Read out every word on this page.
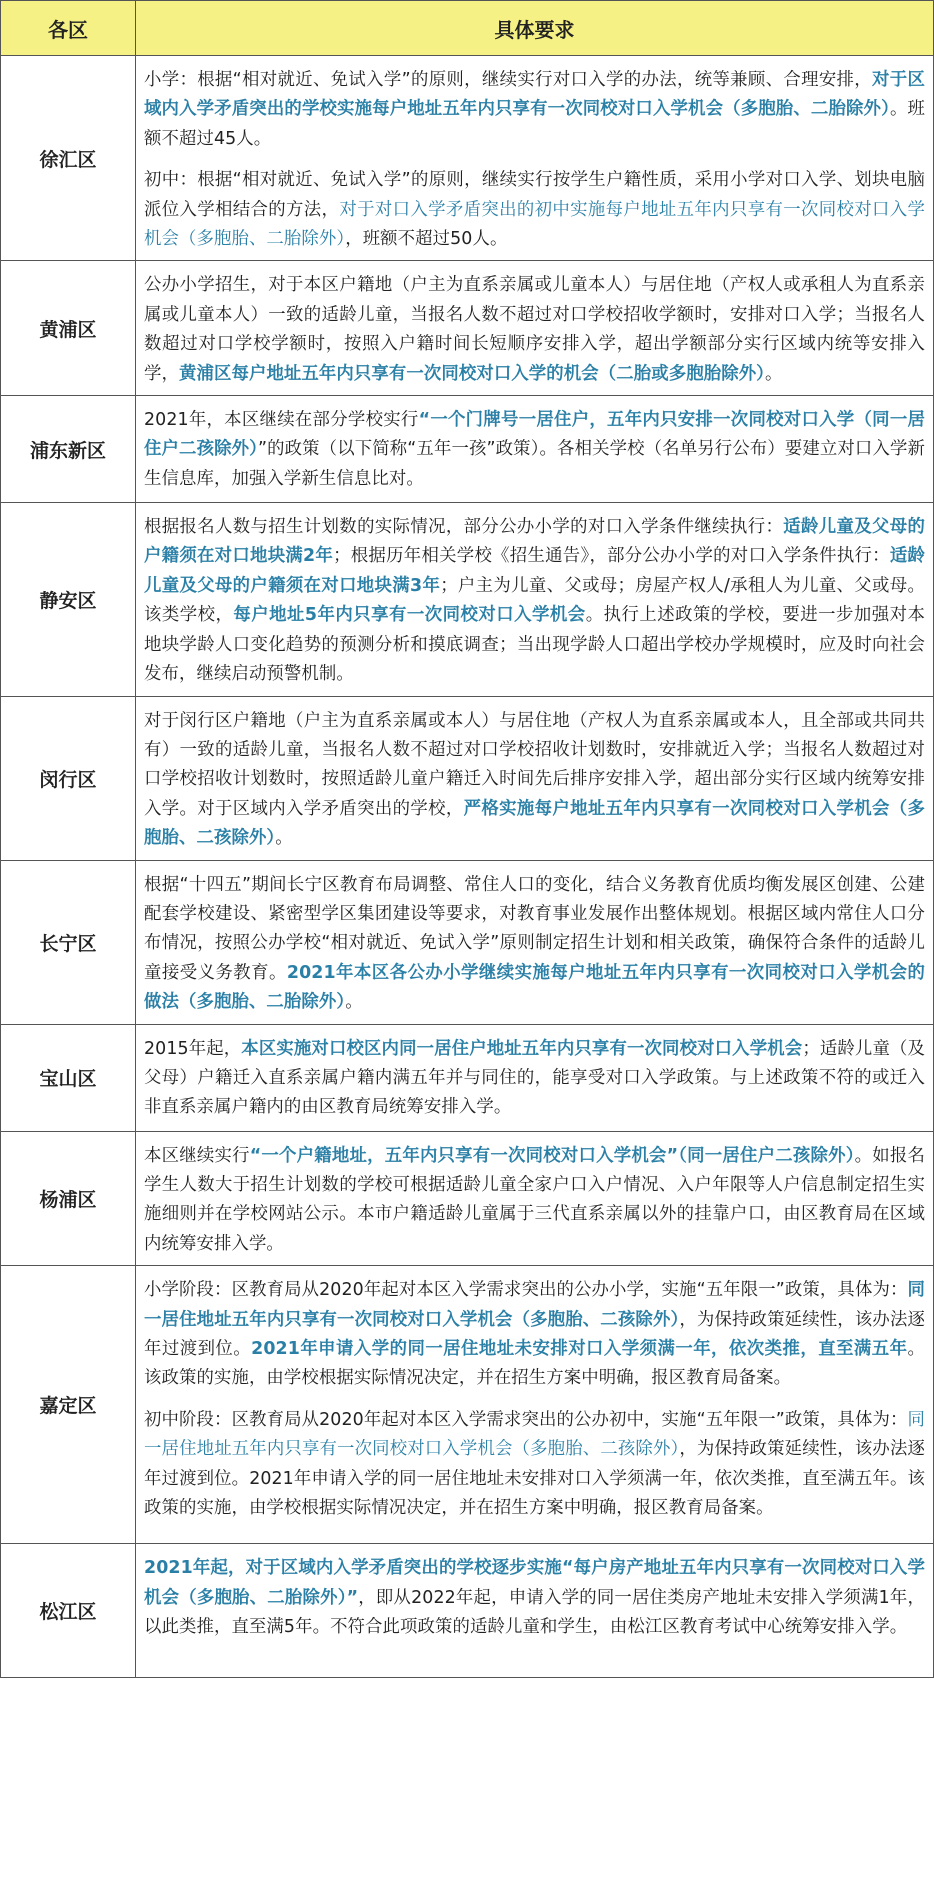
各区	具体要求
徐汇区	小学：根据“相对就近、免试入学”的原则，继续实行对口入学的办法，统等兼顾、合理安排，对于区域内入学矛盾突出的学校实施每户地址五年内只享有一次同校对口入学机会（多胞胎、二胎除外）。班额不超过45人。

初中：根据“相对就近、免试入学”的原则，继续实行按学生户籍性质，采用小学对口入学、划块电脑派位入学相结合的方法，对于对口入学矛盾突出的初中实施每户地址五年内只享有一次同校对口入学机会（多胞胎、二胎除外），班额不超过50人。

黄浦区	公办小学招生，对于本区户籍地（户主为直系亲属或儿童本人）与居住地（产权人或承租人为直系亲属或儿童本人）一致的适龄儿童，当报名人数不超过对口学校招收学额时，安排对口入学；当报名人数超过对口学校学额时，按照入户籍时间长短顺序安排入学，超出学额部分实行区域内统等安排入学，黄浦区每户地址五年内只享有一次同校对口入学的机会（二胎或多胞胎除外）。

浦东新区	2021年，本区继续在部分学校实行“一个门牌号一居住户，五年内只安排一次同校对口入学（同一居住户二孩除外）”的政策（以下简称“五年一孩”政策）。各相关学校（名单另行公布）要建立对口入学新生信息库，加强入学新生信息比对。

静安区	根据报名人数与招生计划数的实际情况，部分公办小学的对口入学条件继续执行：适龄儿童及父母的户籍须在对口地块满2年；根据历年相关学校《招生通告》，部分公办小学的对口入学条件执行：适龄儿童及父母的户籍须在对口地块满3年；户主为儿童、父或母；房屋产权人/承租人为儿童、父或母。该类学校，每户地址5年内只享有一次同校对口入学机会。执行上述政策的学校，要进一步加强对本地块学龄人口变化趋势的预测分析和摸底调查；当出现学龄人口超出学校办学规模时，应及时向社会发布，继续启动预警机制。

闵行区	对于闵行区户籍地（户主为直系亲属或本人）与居住地（产权人为直系亲属或本人，且全部或共同共有）一致的适龄儿童，当报名人数不超过对口学校招收计划数时，安排就近入学；当报名人数超过对口学校招收计划数时，按照适龄儿童户籍迁入时间先后排序安排入学，超出部分实行区域内统筹安排入学。对于区域内入学矛盾突出的学校，严格实施每户地址五年内只享有一次同校对口入学机会（多胞胎、二孩除外）。

长宁区	根据“十四五”期间长宁区教育布局调整、常住人口的变化，结合义务教育优质均衡发展区创建、公建配套学校建设、紧密型学区集团建设等要求，对教育事业发展作出整体规划。根据区域内常住人口分布情况，按照公办学校“相对就近、免试入学”原则制定招生计划和相关政策，确保符合条件的适龄儿童接受义务教育。2021年本区各公办小学继续实施每户地址五年内只享有一次同校对口入学机会的做法（多胞胎、二胎除外）。

宝山区	2015年起，本区实施对口校区内同一居住户地址五年内只享有一次同校对口入学机会；适龄儿童（及父母）户籍迁入直系亲属户籍内满五年并与同住的，能享受对口入学政策。与上述政策不符的或迁入非直系亲属户籍内的由区教育局统筹安排入学。

杨浦区	本区继续实行“一个户籍地址，五年内只享有一次同校对口入学机会”（同一居住户二孩除外）。如报名学生人数大于招生计划数的学校可根据适龄儿童全家户口入户情况、入户年限等人户信息制定招生实施细则并在学校网站公示。本市户籍适龄儿童属于三代直系亲属以外的挂靠户口，由区教育局在区域内统筹安排入学。

嘉定区	小学阶段：区教育局从2020年起对本区入学需求突出的公办小学，实施“五年限一”政策，具体为：同一居住地址五年内只享有一次同校对口入学机会（多胞胎、二孩除外），为保持政策延续性，该办法逐年过渡到位。2021年申请入学的同一居住地址未安排对口入学须满一年，依次类推，直至满五年。该政策的实施，由学校根据实际情况决定，并在招生方案中明确，报区教育局备案。

初中阶段：区教育局从2020年起对本区入学需求突出的公办初中，实施“五年限一”政策，具体为：同一居住地址五年内只享有一次同校对口入学机会（多胞胎、二孩除外），为保持政策延续性，该办法逐年过渡到位。2021年申请入学的同一居住地址未安排对口入学须满一年，依次类推，直至满五年。该政策的实施，由学校根据实际情况决定，并在招生方案中明确，报区教育局备案。

松江区	2021年起，对于区域内入学矛盾突出的学校逐步实施“每户房产地址五年内只享有一次同校对口入学机会（多胞胎、二胎除外）”，即从2022年起，申请入学的同一居住类房产地址未安排入学须满1年，以此类推，直至满5年。不符合此项政策的适龄儿童和学生，由松江区教育考试中心统筹安排入学。
